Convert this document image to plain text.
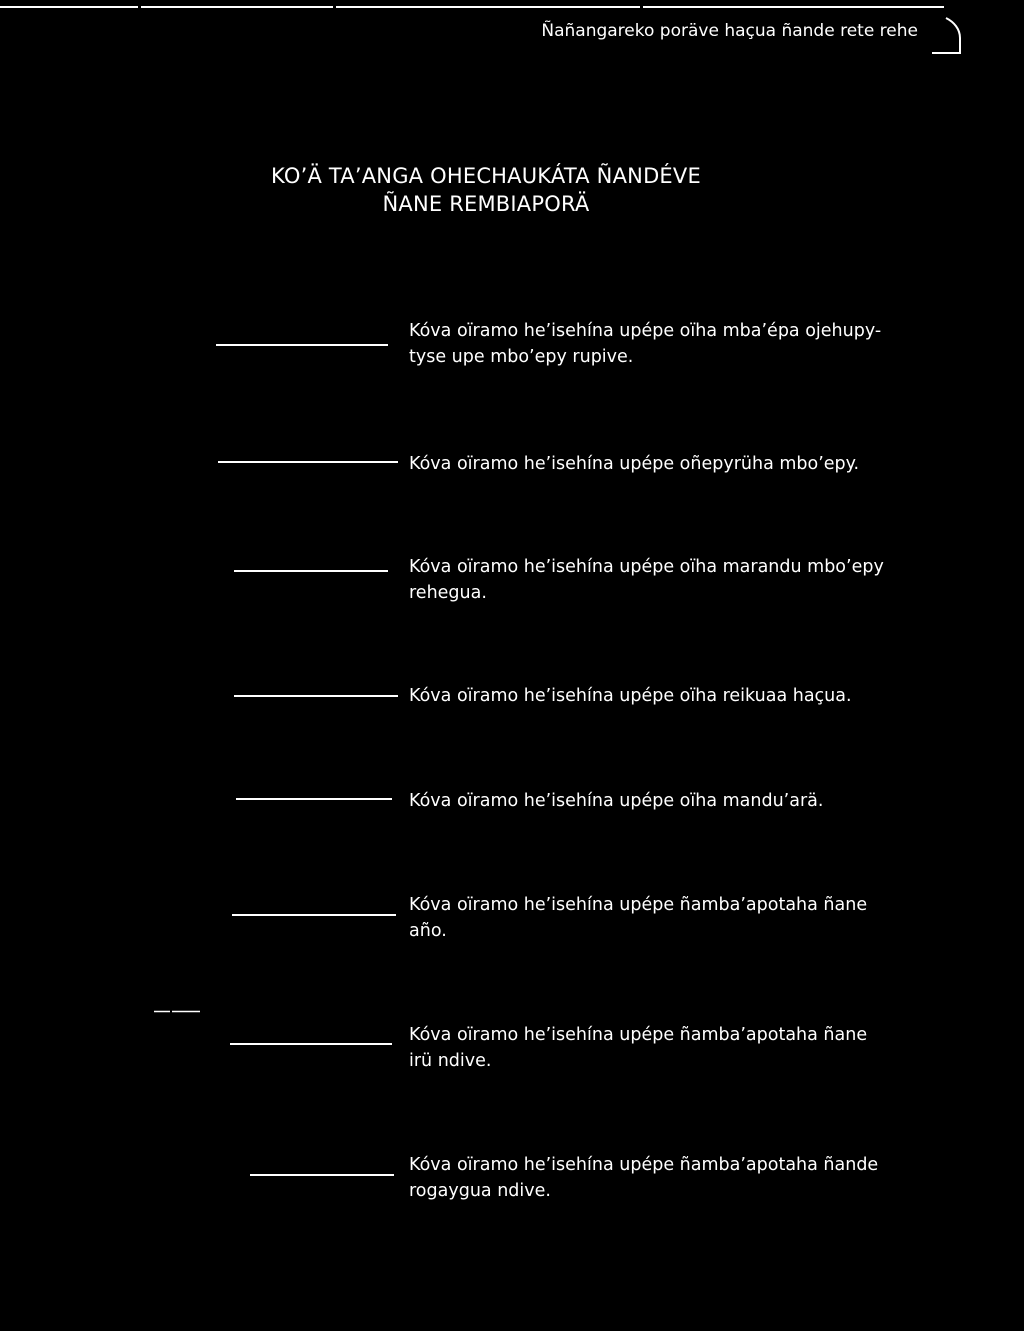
Ñañangareko poräve haçua ñande rete rehe
KO’Ä TA’ANGA OHECHAUKÁTA ÑANDÉVE
ÑANE REMBIAPORÄ
Kóva oïramo he’isehína upépe oïha mba’épa ojehupy-
tyse upe mbo’epy rupive.
Kóva oïramo he’isehína upépe oñepyrüha mbo’epy.
Kóva oïramo he’isehína upépe oïha marandu mbo’epy
rehegua.
Kóva oïramo he’isehína upépe oïha reikuaa haçua.
Kóva oïramo he’isehína upépe oïha mandu’arä.
Kóva oïramo he’isehína upépe ñamba’apotaha ñane
año.
Kóva oïramo he’isehína upépe ñamba’apotaha ñane
irü ndive.
Kóva oïramo he’isehína upépe ñamba’apotaha ñande
rogaygua ndive.
